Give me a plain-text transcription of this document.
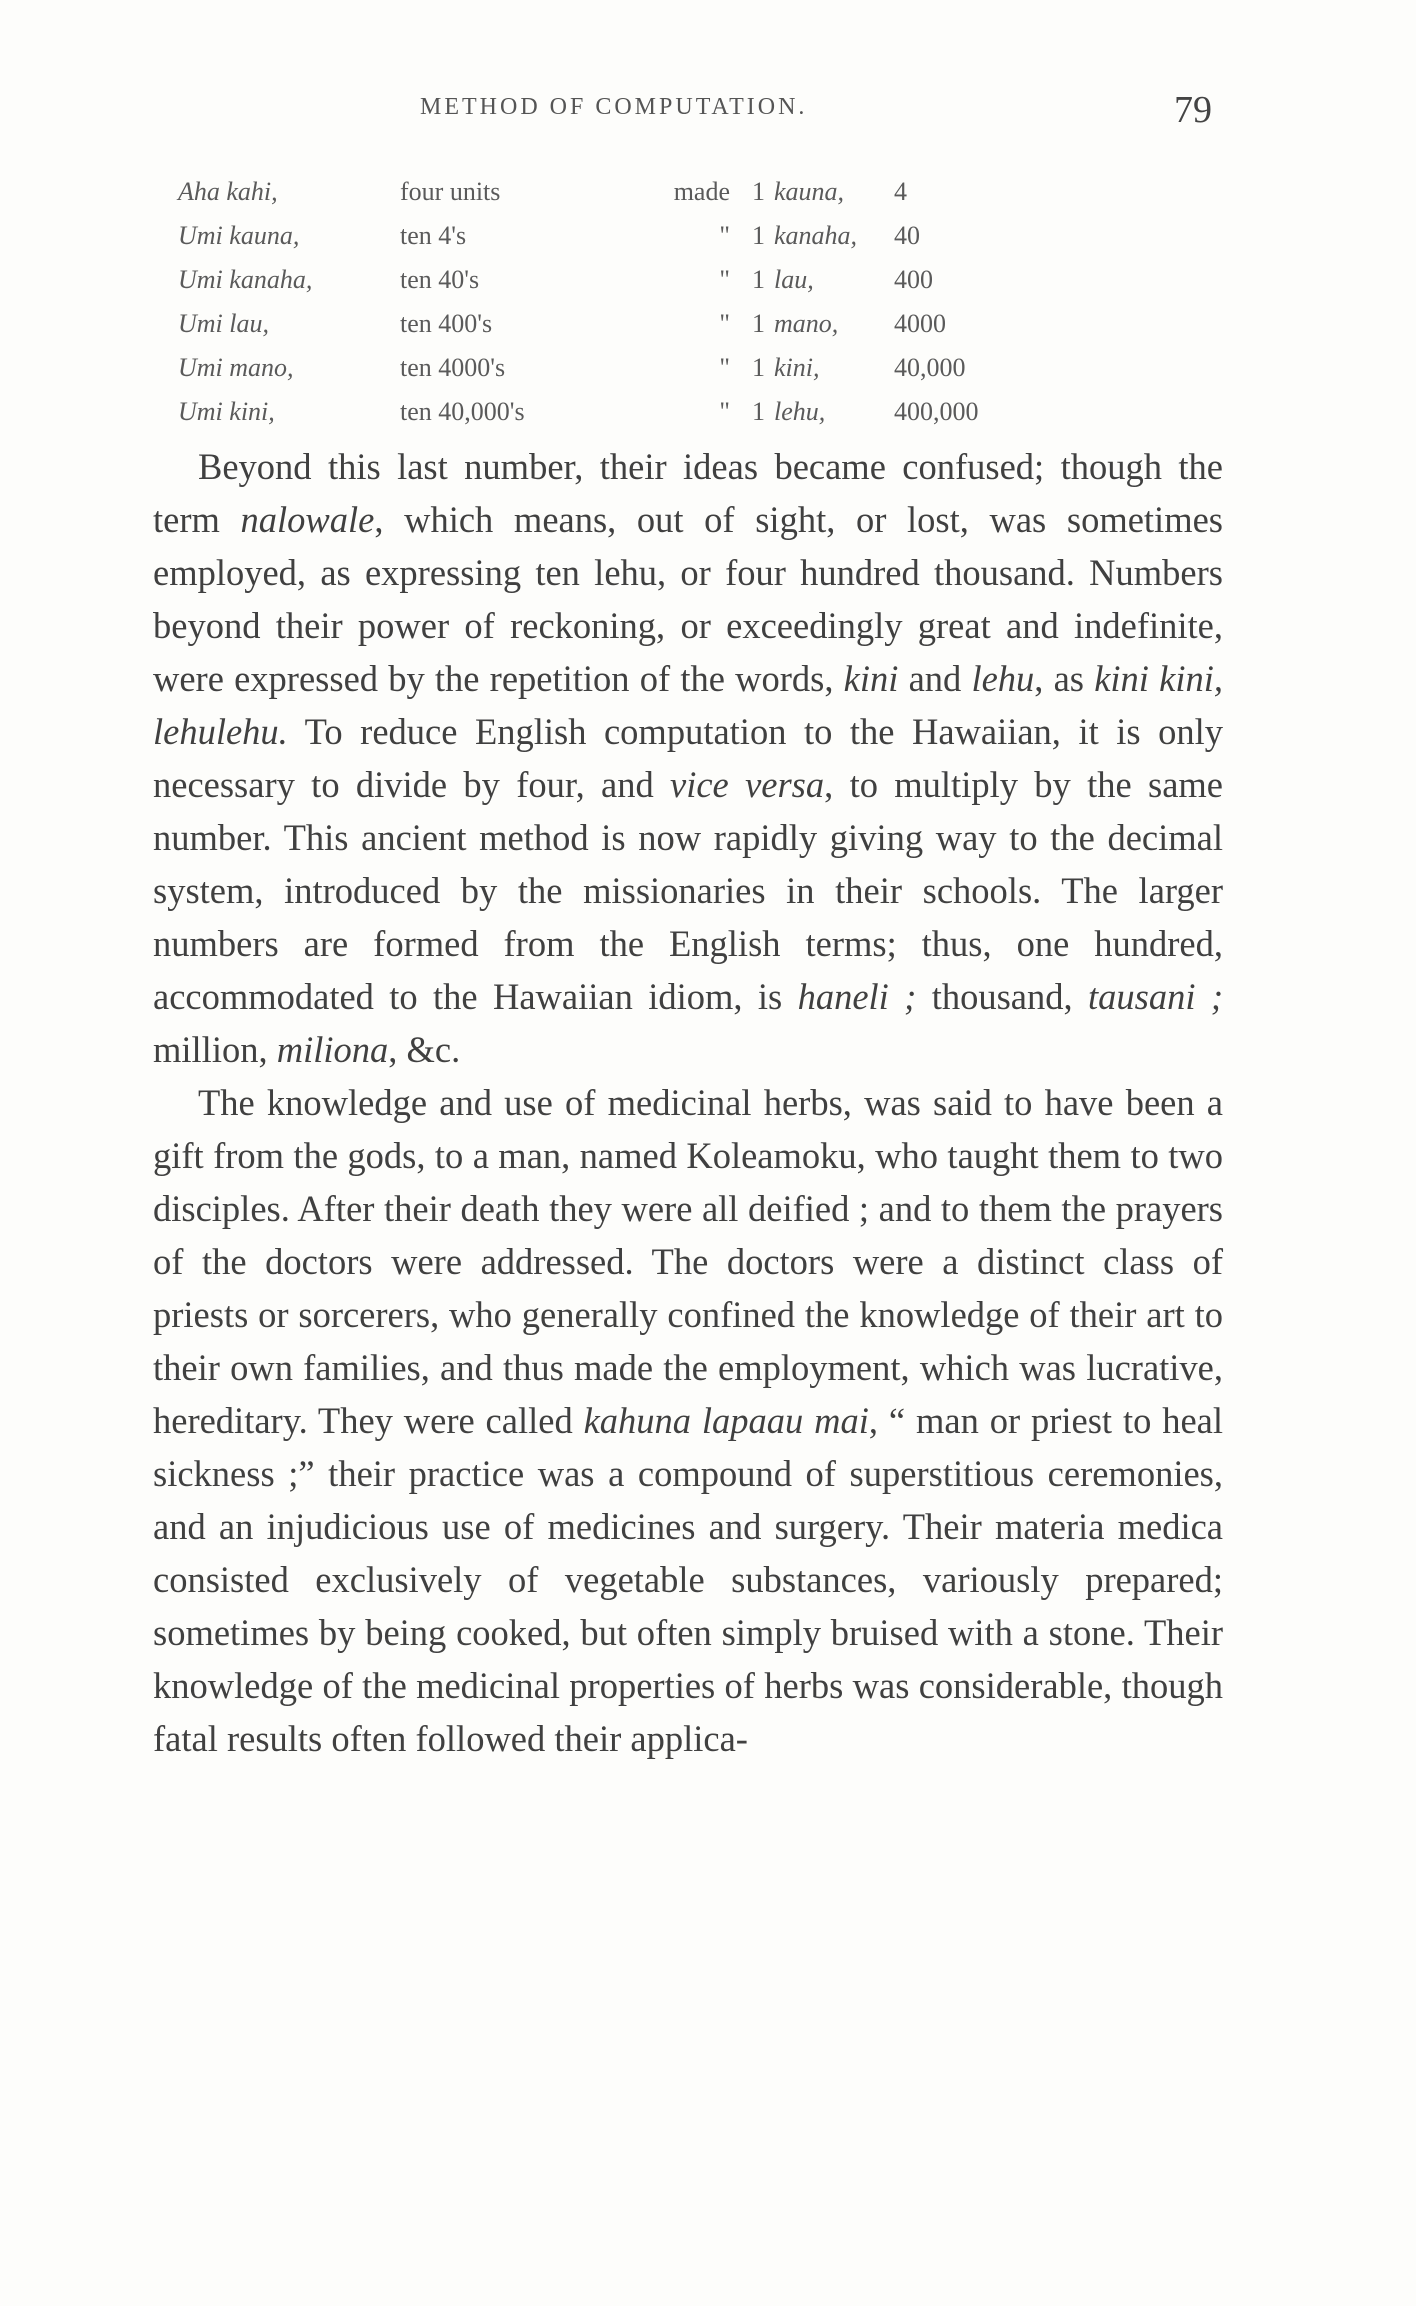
METHOD OF COMPUTATION.	79
Aha kahi,	four units	made	1	kauna,	4
Umi kauna,	ten 4's	"	1	kanaha,	40
Umi kanaha,	ten 40's	"	1	lau,	400
Umi lau,	ten 400's	"	1	mano,	4000
Umi mano,	ten 4000's	"	1	kini,	40,000
Umi kini,	ten 40,000's	"	1	lehu,	400,000

Beyond this last number, their ideas became confused; though the term nalowale, which means, out of sight, or lost, was sometimes employed, as expressing ten lehu, or four hundred thousand. Numbers beyond their power of reckoning, or exceedingly great and indefinite, were expressed by the repetition of the words, kini and lehu, as kini kini, lehulehu. To reduce English computation to the Hawaiian, it is only necessary to divide by four, and vice versa, to multiply by the same number. This ancient method is now rapidly giving way to the decimal system, introduced by the missionaries in their schools. The larger numbers are formed from the English terms; thus, one hundred, accommodated to the Hawaiian idiom, is haneli ; thousand, tausani ; million, miliona, &c.

The knowledge and use of medicinal herbs, was said to have been a gift from the gods, to a man, named Koleamoku, who taught them to two disciples. After their death they were all deified ; and to them the prayers of the doctors were addressed. The doctors were a distinct class of priests or sorcerers, who generally confined the knowledge of their art to their own families, and thus made the employment, which was lucrative, hereditary. They were called kahuna lapaau mai, “ man or priest to heal sickness ;” their practice was a compound of superstitious ceremonies, and an injudicious use of medicines and surgery. Their materia medica consisted exclusively of vegetable substances, variously prepared; sometimes by being cooked, but often simply bruised with a stone. Their knowledge of the medicinal properties of herbs was considerable, though fatal results often followed their applica-
